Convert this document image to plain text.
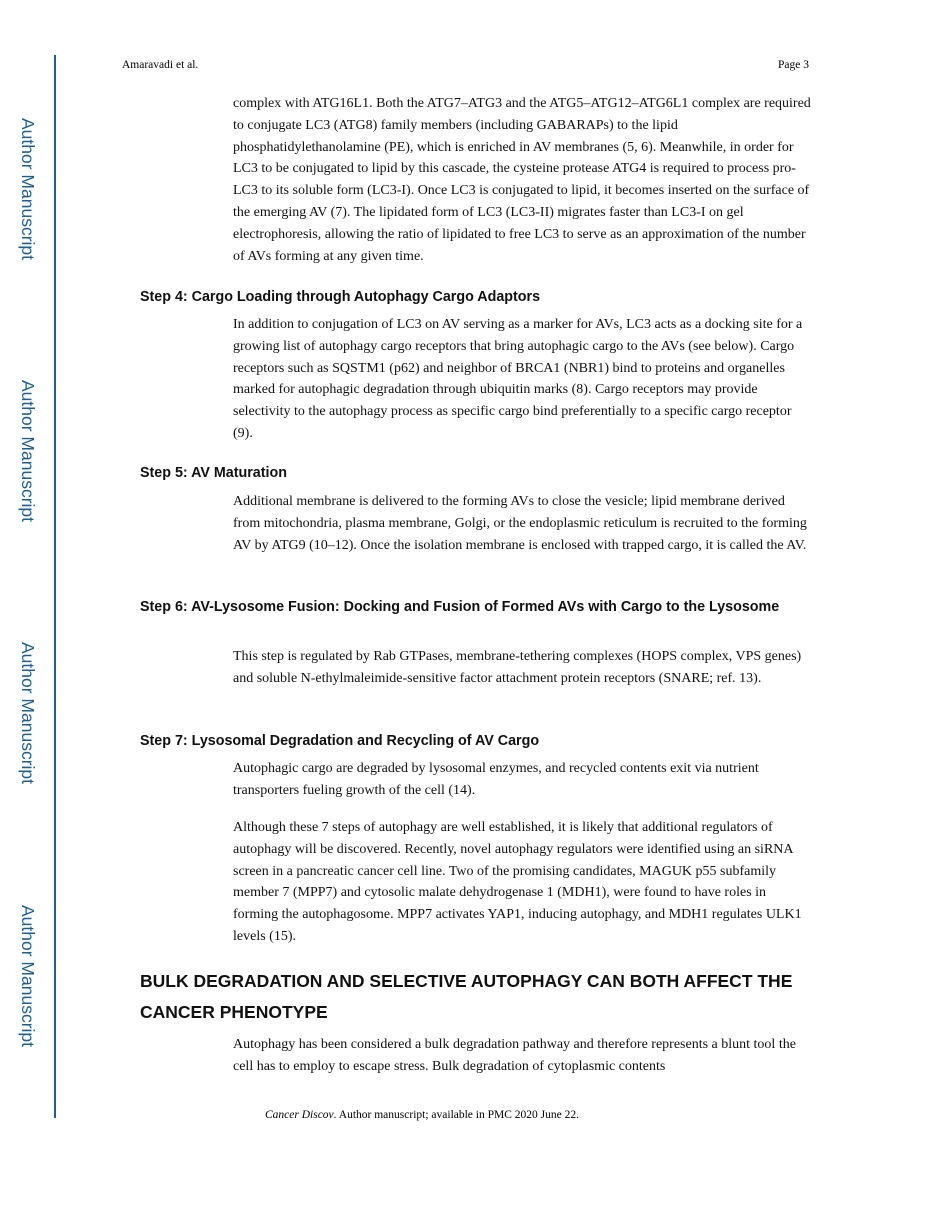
Author Manuscript
Author Manuscript
Author Manuscript
Author Manuscript
Amaravadi et al.	Page 3

complex with ATG16L1. Both the ATG7–ATG3 and the ATG5–ATG12–ATG6L1 complex are required to conjugate LC3 (ATG8) family members (including GABARAPs) to the lipid phosphatidylethanolamine (PE), which is enriched in AV membranes (5, 6). Meanwhile, in order for LC3 to be conjugated to lipid by this cascade, the cysteine protease ATG4 is required to process pro-LC3 to its soluble form (LC3-I). Once LC3 is conjugated to lipid, it becomes inserted on the surface of the emerging AV (7). The lipidated form of LC3 (LC3-II) migrates faster than LC3-I on gel electrophoresis, allowing the ratio of lipidated to free LC3 to serve as an approximation of the number of AVs forming at any given time.

Step 4: Cargo Loading through Autophagy Cargo Adaptors

In addition to conjugation of LC3 on AV serving as a marker for AVs, LC3 acts as a docking site for a growing list of autophagy cargo receptors that bring autophagic cargo to the AVs (see below). Cargo receptors such as SQSTM1 (p62) and neighbor of BRCA1 (NBR1) bind to proteins and organelles marked for autophagic degradation through ubiquitin marks (8). Cargo receptors may provide selectivity to the autophagy process as specific cargo bind preferentially to a specific cargo receptor (9).

Step 5: AV Maturation

Additional membrane is delivered to the forming AVs to close the vesicle; lipid membrane derived from mitochondria, plasma membrane, Golgi, or the endoplasmic reticulum is recruited to the forming AV by ATG9 (10–12). Once the isolation membrane is enclosed with trapped cargo, it is called the AV.

Step 6: AV-Lysosome Fusion: Docking and Fusion of Formed AVs with Cargo to the Lysosome

This step is regulated by Rab GTPases, membrane-tethering complexes (HOPS complex, VPS genes) and soluble N-ethylmaleimide-sensitive factor attachment protein receptors (SNARE; ref. 13).

Step 7: Lysosomal Degradation and Recycling of AV Cargo

Autophagic cargo are degraded by lysosomal enzymes, and recycled contents exit via nutrient transporters fueling growth of the cell (14).

Although these 7 steps of autophagy are well established, it is likely that additional regulators of autophagy will be discovered. Recently, novel autophagy regulators were identified using an siRNA screen in a pancreatic cancer cell line. Two of the promising candidates, MAGUK p55 subfamily member 7 (MPP7) and cytosolic malate dehydrogenase 1 (MDH1), were found to have roles in forming the autophagosome. MPP7 activates YAP1, inducing autophagy, and MDH1 regulates ULK1 levels (15).

BULK DEGRADATION AND SELECTIVE AUTOPHAGY CAN BOTH AFFECT THE CANCER PHENOTYPE

Autophagy has been considered a bulk degradation pathway and therefore represents a blunt tool the cell has to employ to escape stress. Bulk degradation of cytoplasmic contents

Cancer Discov. Author manuscript; available in PMC 2020 June 22.
